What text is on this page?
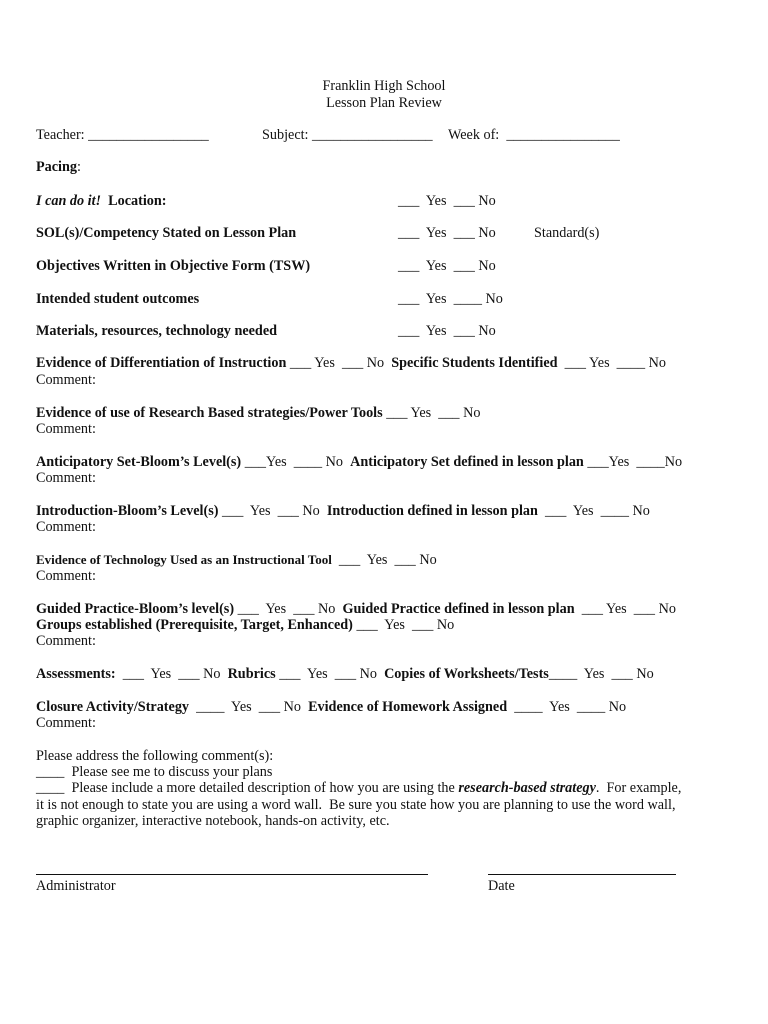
Franklin High School
Lesson Plan Review
Teacher: _________________	Subject: _________________ Week of:  ________________
Pacing:
I can do it! Location:	___  Yes  ___ No
SOL(s)/Competency Stated on Lesson Plan	___  Yes  ___ No	Standard(s)
Objectives Written in Objective Form (TSW)	___  Yes  ___ No
Intended student outcomes	___  Yes  ____ No
Materials, resources, technology needed	___  Yes  ___ No
Evidence of Differentiation of Instruction ___ Yes  ___ No Specific Students Identified ___ Yes  ____ No
Comment:
Evidence of use of Research Based strategies/Power Tools ___ Yes  ___ No
Comment:
Anticipatory Set-Bloom’s Level(s) ___Yes  ____ No Anticipatory Set defined in lesson plan ___Yes  ____No
Comment:
Introduction-Bloom’s Level(s) ___  Yes  ___ No Introduction defined in lesson plan ___  Yes  ____ No
Comment:
Evidence of Technology Used as an Instructional Tool ___  Yes  ___ No
Comment:
Guided Practice-Bloom’s level(s) ___  Yes  ___ No Guided Practice defined in lesson plan ___ Yes  ___ No
Groups established (Prerequisite, Target, Enhanced) ___  Yes  ___ No
Comment:
Assessments: ___  Yes  ___ No Rubrics ___  Yes  ___ No Copies of Worksheets/Tests____  Yes  ___ No
Closure Activity/Strategy ____  Yes  ___ No Evidence of Homework Assigned ____  Yes  ____ No
Comment:
Please address the following comment(s):
____  Please see me to discuss your plans
____  Please include a more detailed description of how you are using the research-based strategy.  For example,
it is not enough to state you are using a word wall.  Be sure you state how you are planning to use the word wall,
graphic organizer, interactive notebook, hands-on activity, etc.
Administrator	Date
